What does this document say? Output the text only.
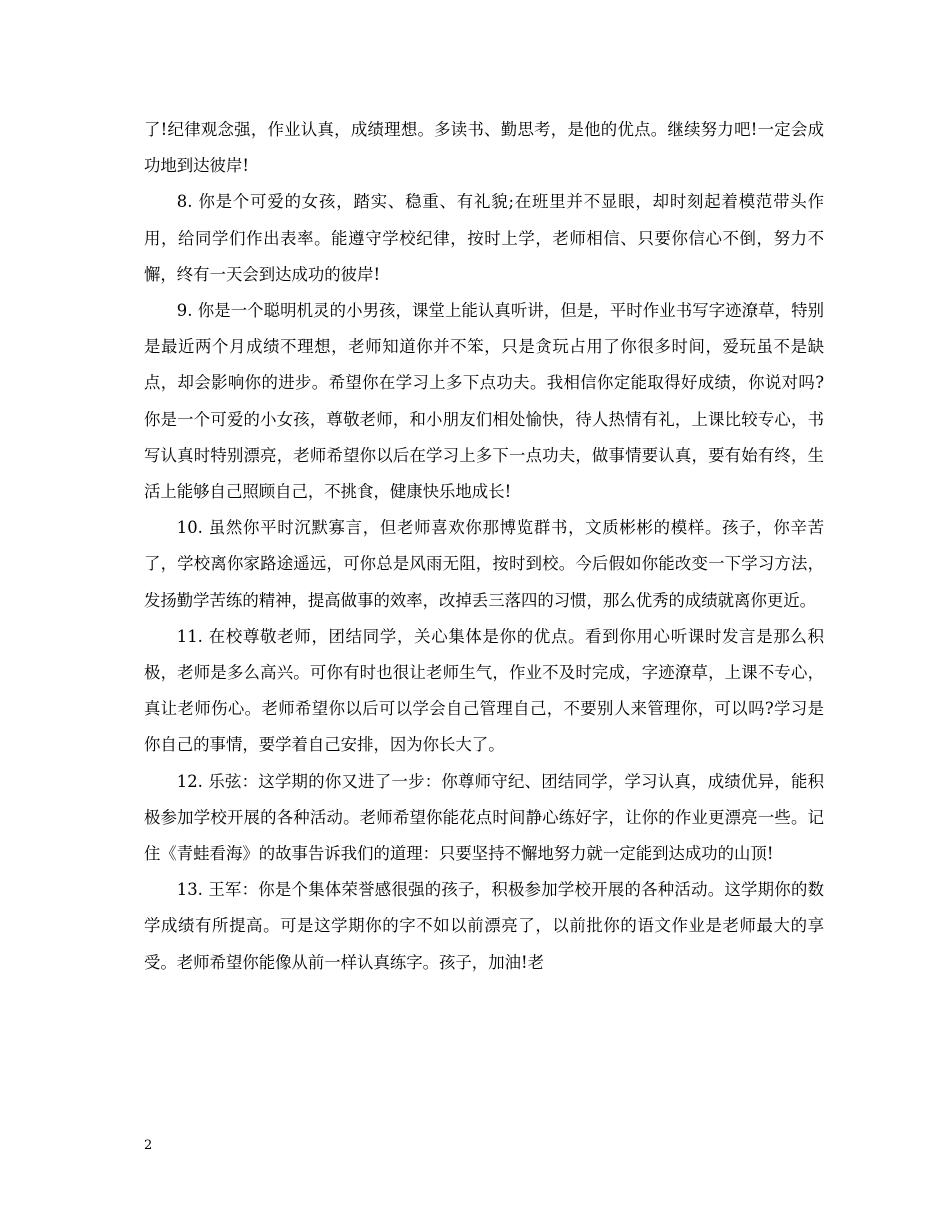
了!纪律观念强，作业认真，成绩理想。多读书、勤思考，是他的优点。继续努力吧!一定会成功地到达彼岸!

8. 你是个可爱的女孩，踏实、稳重、有礼貌;在班里并不显眼，却时刻起着模范带头作用，给同学们作出表率。能遵守学校纪律，按时上学，老师相信、只要你信心不倒，努力不懈，终有一天会到达成功的彼岸!

9. 你是一个聪明机灵的小男孩，课堂上能认真听讲，但是，平时作业书写字迹潦草，特别是最近两个月成绩不理想，老师知道你并不笨，只是贪玩占用了你很多时间，爱玩虽不是缺点，却会影响你的进步。希望你在学习上多下点功夫。我相信你定能取得好成绩，你说对吗? 你是一个可爱的小女孩，尊敬老师，和小朋友们相处愉快，待人热情有礼，上课比较专心，书写认真时特别漂亮，老师希望你以后在学习上多下一点功夫，做事情要认真，要有始有终，生活上能够自己照顾自己，不挑食，健康快乐地成长!

10. 虽然你平时沉默寡言，但老师喜欢你那博览群书，文质彬彬的模样。孩子，你辛苦了，学校离你家路途遥远，可你总是风雨无阻，按时到校。今后假如你能改变一下学习方法，发扬勤学苦练的精神，提高做事的效率，改掉丢三落四的习惯，那么优秀的成绩就离你更近。

11. 在校尊敬老师，团结同学，关心集体是你的优点。看到你用心听课时发言是那么积极，老师是多么高兴。可你有时也很让老师生气，作业不及时完成，字迹潦草，上课不专心，真让老师伤心。老师希望你以后可以学会自己管理自己，不要别人来管理你，可以吗?学习是你自己的事情，要学着自己安排，因为你长大了。

12. 乐弦：这学期的你又进了一步：你尊师守纪、团结同学，学习认真，成绩优异，能积极参加学校开展的各种活动。老师希望你能花点时间静心练好字，让你的作业更漂亮一些。记住《青蛙看海》的故事告诉我们的道理：只要坚持不懈地努力就一定能到达成功的山顶!

13. 王军：你是个集体荣誉感很强的孩子，积极参加学校开展的各种活动。这学期你的数学成绩有所提高。可是这学期你的字不如以前漂亮了，以前批你的语文作业是老师最大的享受。老师希望你能像从前一样认真练字。孩子，加油!老

2
